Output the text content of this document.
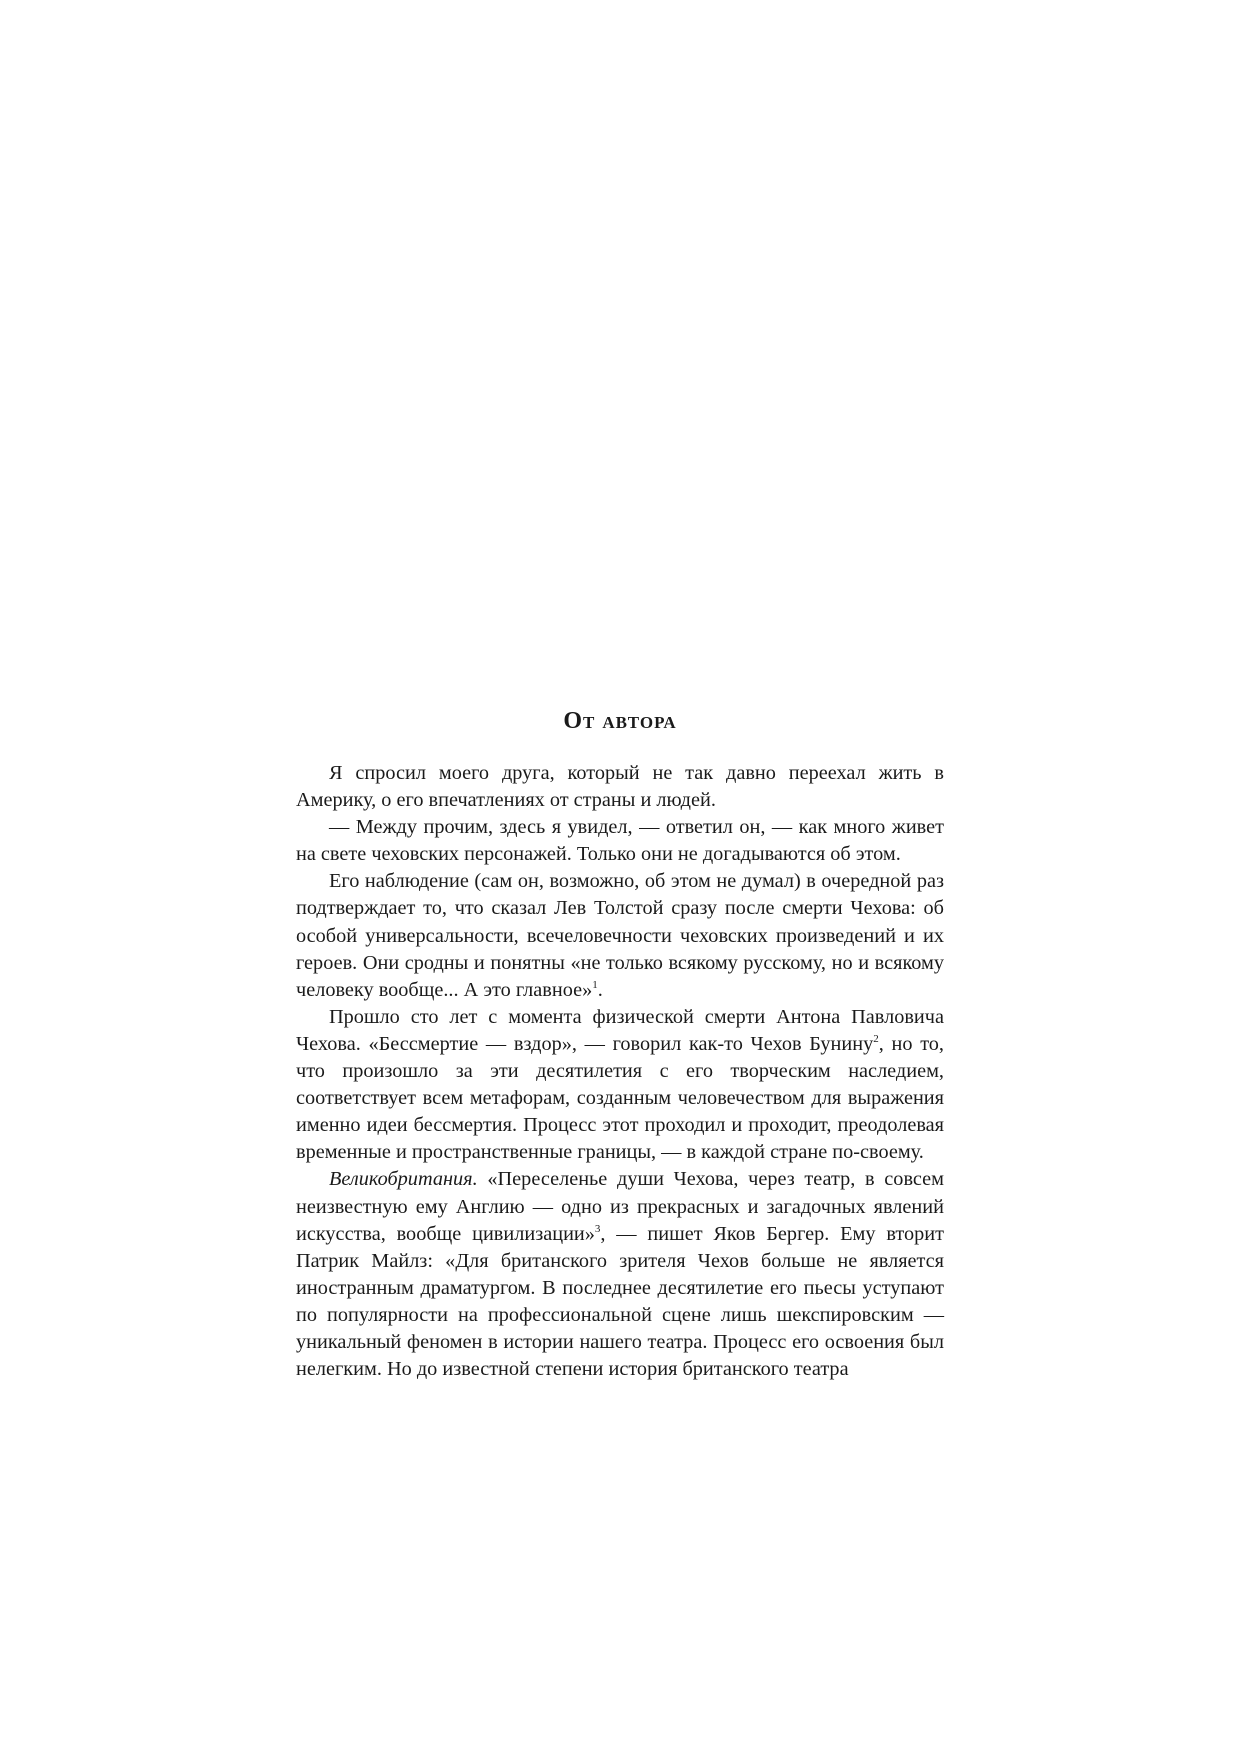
От автора

Я спросил моего друга, который не так давно переехал жить в Америку, о его впечатлениях от страны и людей.

— Между прочим, здесь я увидел, — ответил он, — как много живет на свете чеховских персонажей. Только они не догадываются об этом.

Его наблюдение (сам он, возможно, об этом не думал) в очередной раз подтверждает то, что сказал Лев Толстой сразу после смерти Чехова: об особой универсальности, всечеловечности чеховских произведений и их героев. Они сродны и понятны «не только всякому русскому, но и всякому человеку вообще... А это главное»$^1$.

Прошло сто лет с момента физической смерти Антона Павловича Чехова. «Бессмертие — вздор», — говорил как-то Чехов Бунину$^2$, но то, что произошло за эти десятилетия с его творческим наследием, соответствует всем метафорам, созданным человечеством для выражения именно идеи бессмертия. Процесс этот проходил и проходит, преодолевая временные и пространственные границы, — в каждой стране по-своему.

Великобритания. «Переселенье души Чехова, через театр, в совсем неизвестную ему Англию — одно из прекрасных и загадочных явлений искусства, вообще цивилизации»$^3$, — пишет Яков Бергер. Ему вторит Патрик Майлз: «Для британского зрителя Чехов больше не является иностранным драматургом. В последнее десятилетие его пьесы уступают по популярности на профессиональной сцене лишь шекспировским — уникальный феномен в истории нашего театра. Процесс его освоения был нелегким. Но до известной степени история британского театра
